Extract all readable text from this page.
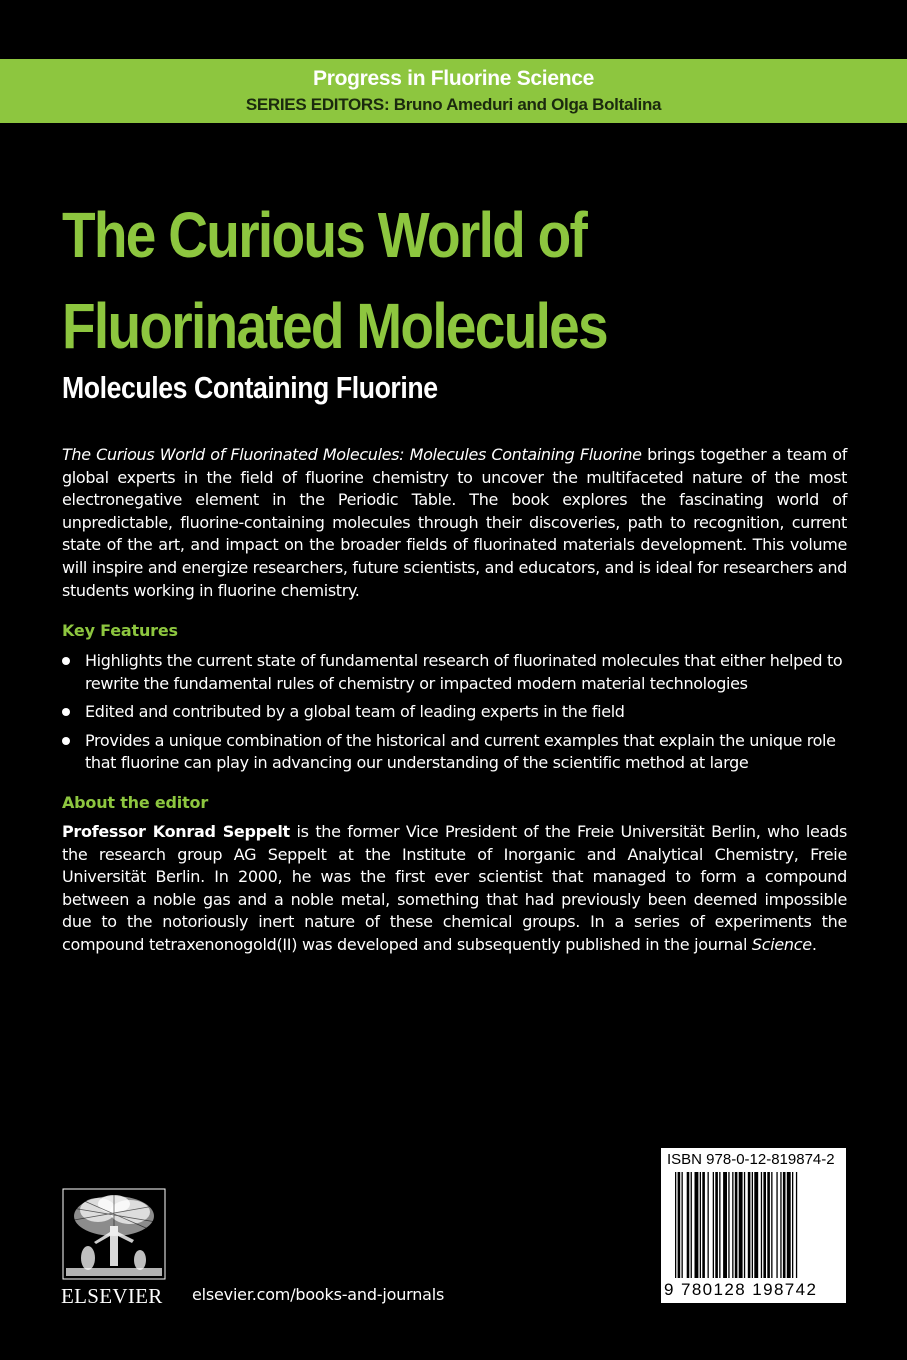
Progress in Fluorine Science
SERIES EDITORS: Bruno Ameduri and Olga Boltalina
The Curious World of
Fluorinated Molecules
Molecules Containing Fluorine
The Curious World of Fluorinated Molecules: Molecules Containing Fluorine brings together a team of global experts in the field of fluorine chemistry to uncover the multifaceted nature of the most electronegative element in the Periodic Table. The book explores the fascinating world of unpredictable, fluorine-containing molecules through their discoveries, path to recognition, current state of the art, and impact on the broader fields of fluorinated materials development. This volume will inspire and energize researchers, future scientists, and educators, and is ideal for researchers and students working in fluorine chemistry.
Key Features
Highlights the current state of fundamental research of fluorinated molecules that either helped to rewrite the fundamental rules of chemistry or impacted modern material technologies
Edited and contributed by a global team of leading experts in the field
Provides a unique combination of the historical and current examples that explain the unique role that fluorine can play in advancing our understanding of the scientific method at large
About the editor
Professor Konrad Seppelt is the former Vice President of the Freie Universität Berlin, who leads the research group AG Seppelt at the Institute of Inorganic and Analytical Chemistry, Freie Universität Berlin. In 2000, he was the first ever scientist that managed to form a compound between a noble gas and a noble metal, something that had previously been deemed impossible due to the notoriously inert nature of these chemical groups. In a series of experiments the compound tetraxenonogold(II) was developed and subsequently published in the journal Science.
ISBN 978-0-12-819874-2
9 780128 198742
ELSEVIER elsevier.com/books-and-journals
